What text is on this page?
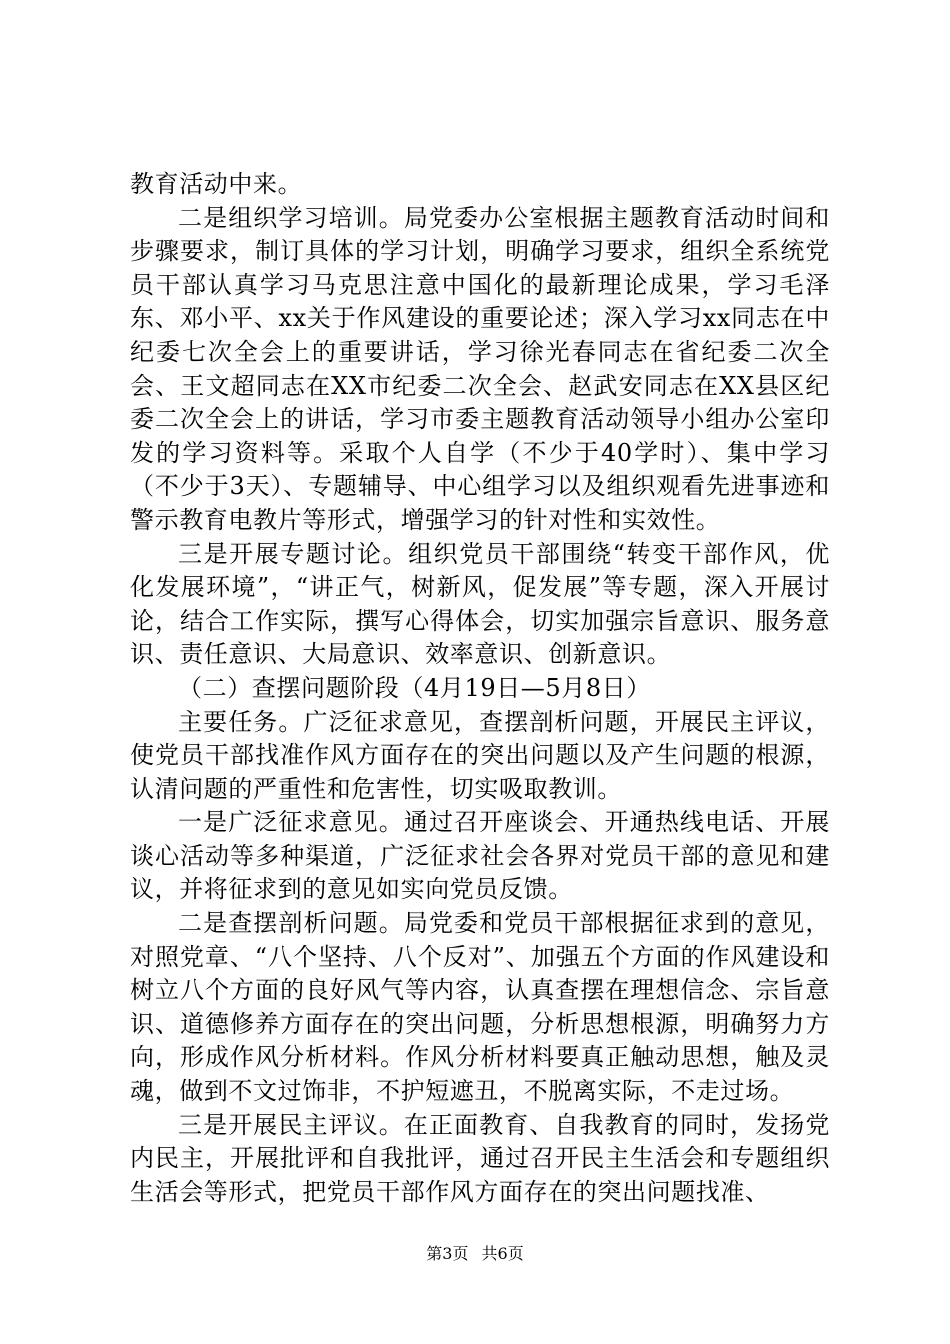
教育活动中来。

二是组织学习培训。局党委办公室根据主题教育活动时间和步骤要求，制订具体的学习计划，明确学习要求，组织全系统党员干部认真学习马克思注意中国化的最新理论成果，学习毛泽东、邓小平、xx关于作风建设的重要论述；深入学习xx同志在中纪委七次全会上的重要讲话，学习徐光春同志在省纪委二次全会、王文超同志在XX市纪委二次全会、赵武安同志在XX县区纪委二次全会上的讲话，学习市委主题教育活动领导小组办公室印发的学习资料等。采取个人自学（不少于40学时）、集中学习（不少于3天）、专题辅导、中心组学习以及组织观看先进事迹和警示教育电教片等形式，增强学习的针对性和实效性。

三是开展专题讨论。组织党员干部围绕“转变干部作风，优化发展环境”，“讲正气，树新风，促发展”等专题，深入开展讨论，结合工作实际，撰写心得体会，切实加强宗旨意识、服务意识、责任意识、大局意识、效率意识、创新意识。

（二）查摆问题阶段（4月19日—5月8日）

主要任务。广泛征求意见，查摆剖析问题，开展民主评议，使党员干部找准作风方面存在的突出问题以及产生问题的根源，认清问题的严重性和危害性，切实吸取教训。

一是广泛征求意见。通过召开座谈会、开通热线电话、开展谈心活动等多种渠道，广泛征求社会各界对党员干部的意见和建议，并将征求到的意见如实向党员反馈。

二是查摆剖析问题。局党委和党员干部根据征求到的意见，对照党章、“八个坚持、八个反对”、加强五个方面的作风建设和树立八个方面的良好风气等内容，认真查摆在理想信念、宗旨意识、道德修养方面存在的突出问题，分析思想根源，明确努力方向，形成作风分析材料。作风分析材料要真正触动思想，触及灵魂，做到不文过饰非，不护短遮丑，不脱离实际，不走过场。

三是开展民主评议。在正面教育、自我教育的同时，发扬党内民主，开展批评和自我批评，通过召开民主生活会和专题组织生活会等形式，把党员干部作风方面存在的突出问题找准、

第3页 共6页
